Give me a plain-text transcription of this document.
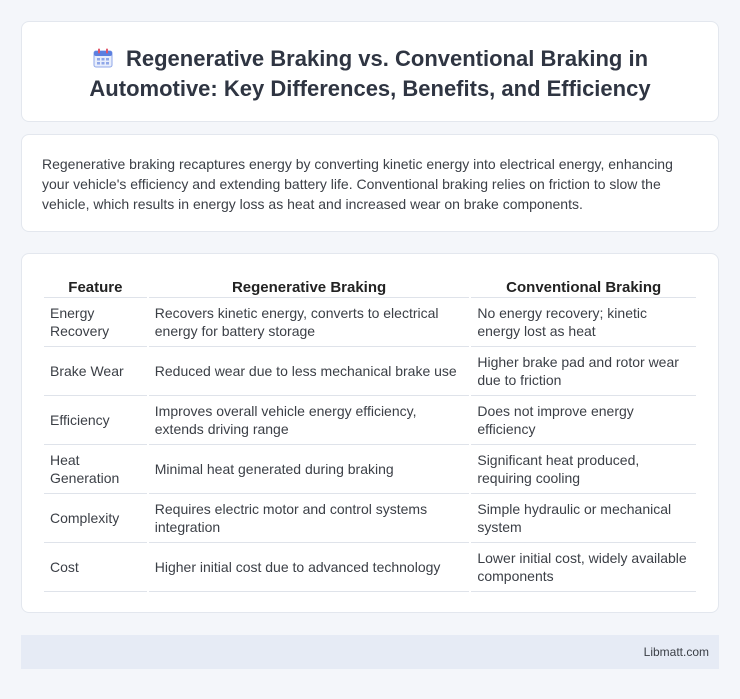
Regenerative Braking vs. Conventional Braking in Automotive: Key Differences, Benefits, and Efficiency

Regenerative braking recaptures energy by converting kinetic energy into electrical energy, enhancing your vehicle's efficiency and extending battery life. Conventional braking relies on friction to slow the vehicle, which results in energy loss as heat and increased wear on brake components.

Feature	Regenerative Braking	Conventional Braking
Energy Recovery	Recovers kinetic energy, converts to electrical energy for battery storage	No energy recovery; kinetic energy lost as heat
Brake Wear	Reduced wear due to less mechanical brake use	Higher brake pad and rotor wear due to friction
Efficiency	Improves overall vehicle energy efficiency, extends driving range	Does not improve energy efficiency
Heat Generation	Minimal heat generated during braking	Significant heat produced, requiring cooling
Complexity	Requires electric motor and control systems integration	Simple hydraulic or mechanical system
Cost	Higher initial cost due to advanced technology	Lower initial cost, widely available components
Libmatt.com
